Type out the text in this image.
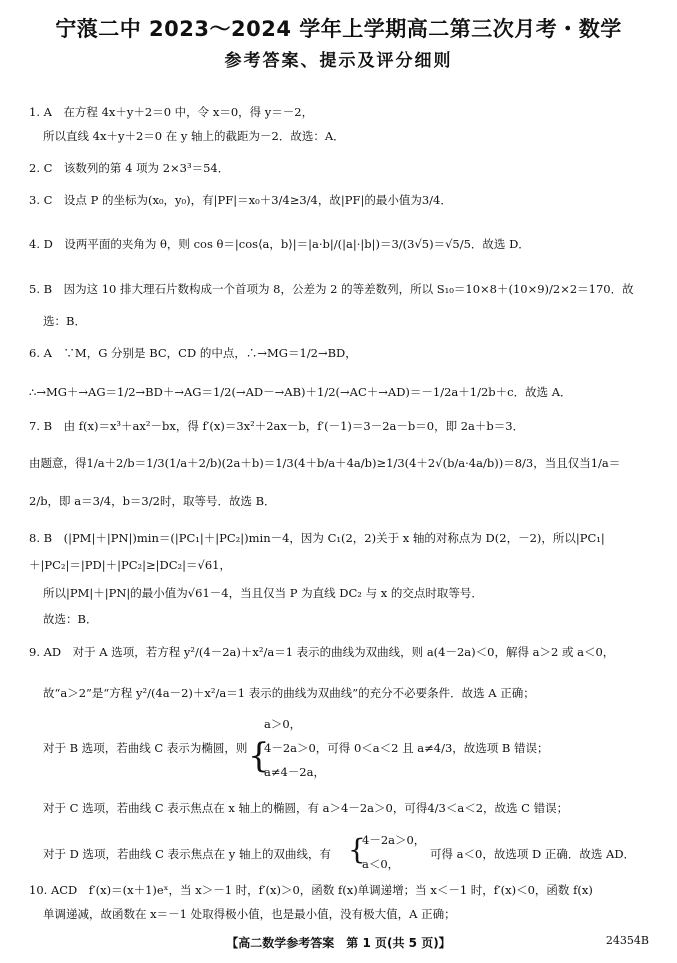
宁蒗二中 2023～2024 学年上学期高二第三次月考・数学
参考答案、提示及评分细则
1. A　在方程 4x＋y＋2＝0 中，令 x＝0，得 y＝－2，
所以直线 4x＋y＋2＝0 在 y 轴上的截距为－2．故选：A．
2. C　该数列的第 4 项为 2×3³＝54．
3. C　设点 P 的坐标为(x₀，y₀)，有|PF|＝x₀＋3/4≥3/4，故|PF|的最小值为3/4．
4. D　设两平面的夹角为 θ，则 cos θ＝|cos⟨a，b⟩|＝|a·b|/(|a|·|b|)＝3/(3√5)＝√5/5．故选 D．
5. B　因为这 10 排大理石片数构成一个首项为 8，公差为 2 的等差数列，所以 S₁₀＝10×8＋(10×9)/2×2＝170．故
选：B．
6. A　∵M，G 分别是 BC，CD 的中点，∴→MG＝1/2→BD，
∴→MG＋→AG＝1/2→BD＋→AG＝1/2(→AD－→AB)＋1/2(→AC＋→AD)＝－1/2a＋1/2b＋c．故选 A．
7. B　由 f(x)＝x³＋ax²－bx，得 f′(x)＝3x²＋2ax－b，f′(－1)＝3－2a－b＝0，即 2a＋b＝3．
由题意，得1/a＋2/b＝1/3(1/a＋2/b)(2a＋b)＝1/3(4＋b/a＋4a/b)≥1/3(4＋2√(b/a·4a/b))＝8/3，当且仅当1/a＝
2/b，即 a＝3/4，b＝3/2时，取等号．故选 B．
8. B　(|PM|＋|PN|)min＝(|PC₁|＋|PC₂|)min－4，因为 C₁(2，2)关于 x 轴的对称点为 D(2，－2)，所以|PC₁|
＋|PC₂|＝|PD|＋|PC₂|≥|DC₂|＝√61，
所以|PM|＋|PN|的最小值为√61－4，当且仅当 P 为直线 DC₂ 与 x 的交点时取等号．
故选：B．
9. AD　对于 A 选项，若方程 y²/(4－2a)＋x²/a＝1 表示的曲线为双曲线，则 a(4－2a)＜0，解得 a＞2 或 a＜0，
故“a＞2”是“方程 y²/(4a－2)＋x²/a＝1 表示的曲线为双曲线”的充分不必要条件．故选 A 正确；
对于 B 选项，若曲线 C 表示为椭圆，则 {
a＞0，
4－2a＞0，可得 0＜a＜2 且 a≠4/3，故选项 B 错误；
a≠4－2a，
对于 C 选项，若曲线 C 表示焦点在 x 轴上的椭圆，有 a＞4－2a＞0，可得4/3＜a＜2，故选 C 错误；
对于 D 选项，若曲线 C 表示焦点在 y 轴上的双曲线，有 {
4－2a＞0，
a＜0，
可得 a＜0，故选项 D 正确．故选 AD．
10. ACD　f′(x)＝(x＋1)eˣ，当 x＞－1 时，f′(x)＞0，函数 f(x)单调递增；当 x＜－1 时，f′(x)＜0，函数 f(x)
单调递减，故函数在 x＝－1 处取得极小值，也是最小值，没有极大值，A 正确；
【高二数学参考答案　第 1 页(共 5 页)】	24354B
